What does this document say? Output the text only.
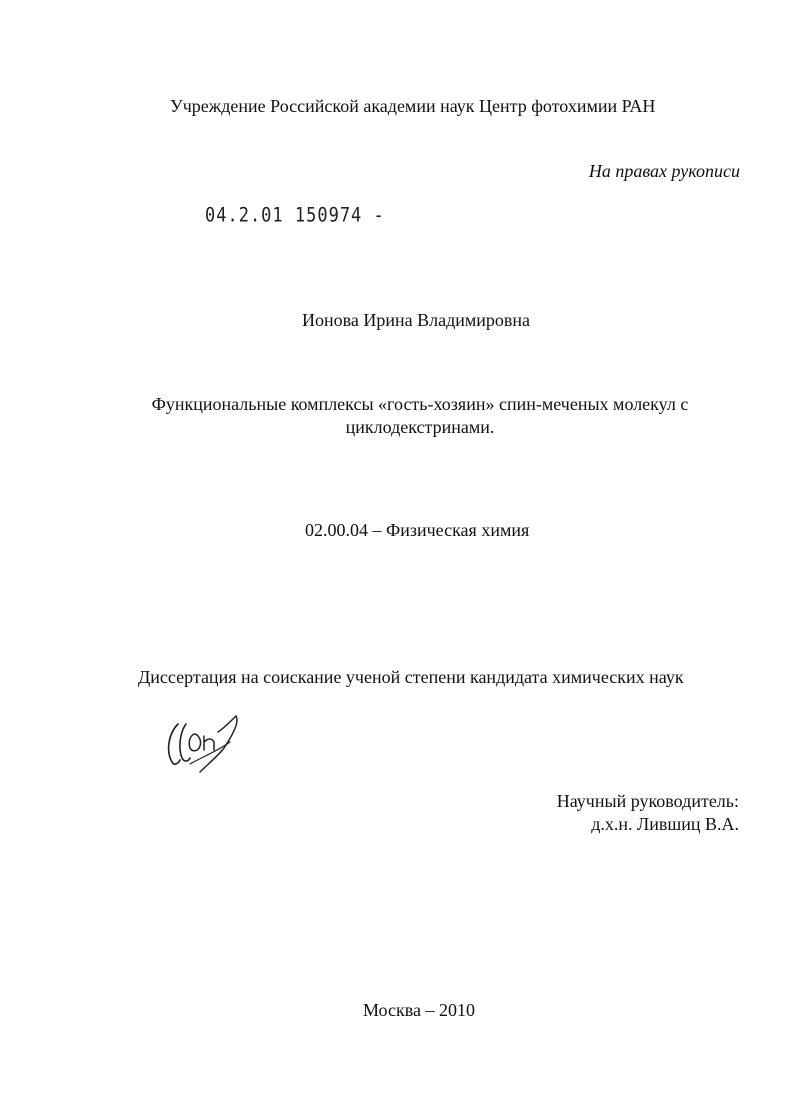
Учреждение Российской академии наук Центр фотохимии РАН
На правах рукописи
04.2.01 150974 -
Ионова Ирина Владимировна
Функциональные комплексы «гость-хозяин» спин-меченых молекул с
циклодекстринами.
02.00.04 – Физическая химия
Диссертация на соискание ученой степени кандидата химических наук
Научный руководитель:
д.х.н. Лившиц В.А.
Москва – 2010
